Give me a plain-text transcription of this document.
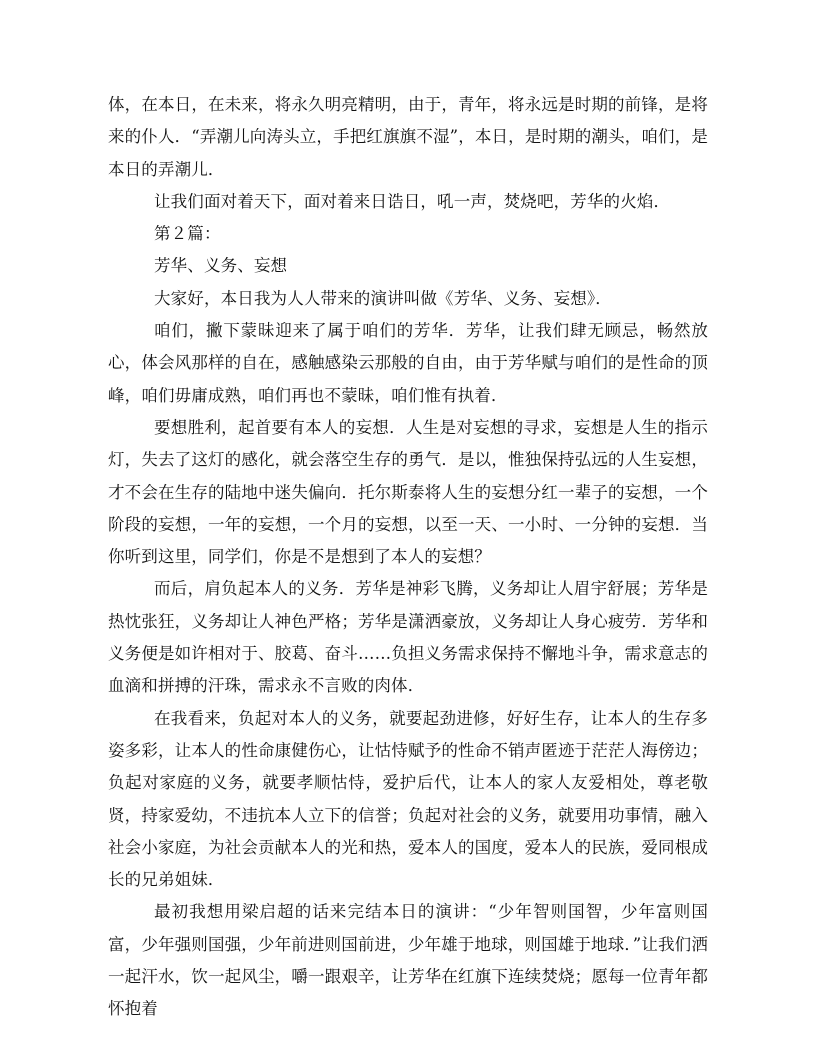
体，在本日，在未来，将永久明亮精明，由于，青年，将永远是时期的前锋，是将来的仆人．“弄潮儿向涛头立，手把红旗旗不湿”，本日，是时期的潮头，咱们，是本日的弄潮儿．

让我们面对着天下，面对着来日诰日，吼一声，焚烧吧，芳华的火焰．

第２篇：

芳华、义务、妄想

大家好，本日我为人人带来的演讲叫做《芳华、义务、妄想》．

咱们，撇下蒙昧迎来了属于咱们的芳华．芳华，让我们肆无顾忌，畅然放心，体会风那样的自在，感触感染云那般的自由，由于芳华赋与咱们的是性命的顶峰，咱们毋庸成熟，咱们再也不蒙昧，咱们惟有执着．

要想胜利，起首要有本人的妄想．人生是对妄想的寻求，妄想是人生的指示灯，失去了这灯的感化，就会落空生存的勇气．是以，惟独保持弘远的人生妄想，才不会在生存的陆地中迷失偏向．托尔斯泰将人生的妄想分红一辈子的妄想，一个阶段的妄想，一年的妄想，一个月的妄想，以至一天、一小时、一分钟的妄想．当你听到这里，同学们，你是不是想到了本人的妄想？

而后，肩负起本人的义务．芳华是神彩飞腾，义务却让人眉宇舒展；芳华是热忱张狂，义务却让人神色严格；芳华是潇洒豪放，义务却让人身心疲劳．芳华和义务便是如许相对于、胶葛、奋斗……负担义务需求保持不懈地斗争，需求意志的血滴和拼搏的汗珠，需求永不言败的肉体．

在我看来，负起对本人的义务，就要起劲进修，好好生存，让本人的生存多姿多彩，让本人的性命康健伤心，让怙恃赋予的性命不销声匿迹于茫茫人海傍边；负起对家庭的义务，就要孝顺怙恃，爱护后代，让本人的家人友爱相处，尊老敬贤，持家爱幼，不违抗本人立下的信誉；负起对社会的义务，就要用功事情，融入社会小家庭，为社会贡献本人的光和热，爱本人的国度，爱本人的民族，爱同根成长的兄弟姐妹．

最初我想用梁启超的话来完结本日的演讲：“少年智则国智，少年富则国富，少年强则国强，少年前进则国前进，少年雄于地球，则国雄于地球．”让我们洒一起汗水，饮一起风尘，嚼一跟艰辛，让芳华在红旗下连续焚烧；愿每一位青年都怀抱着
